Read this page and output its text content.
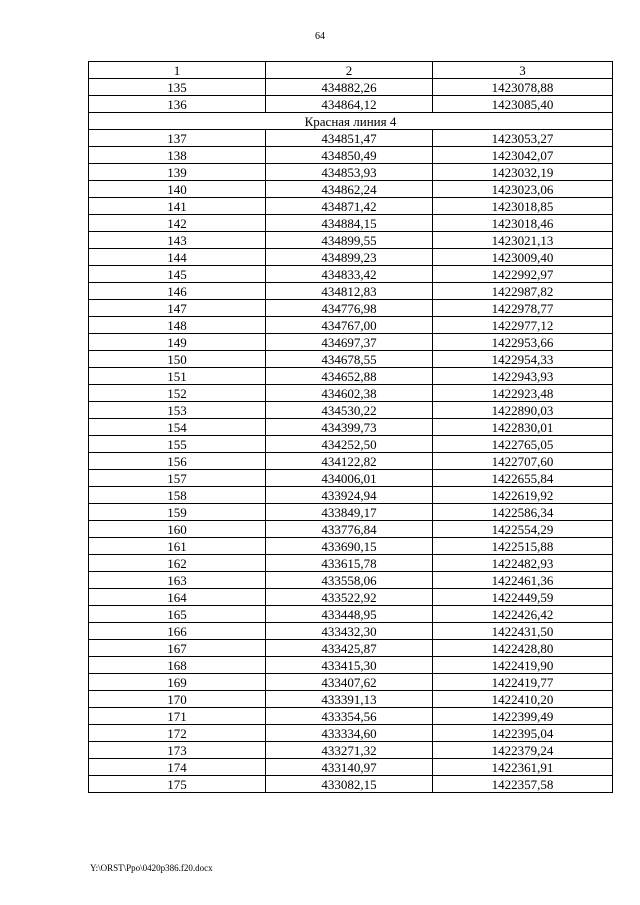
64
1	2	3
135	434882,26	1423078,88
136	434864,12	1423085,40
Красная линия 4		
137	434851,47	1423053,27
138	434850,49	1423042,07
139	434853,93	1423032,19
140	434862,24	1423023,06
141	434871,42	1423018,85
142	434884,15	1423018,46
143	434899,55	1423021,13
144	434899,23	1423009,40
145	434833,42	1422992,97
146	434812,83	1422987,82
147	434776,98	1422978,77
148	434767,00	1422977,12
149	434697,37	1422953,66
150	434678,55	1422954,33
151	434652,88	1422943,93
152	434602,38	1422923,48
153	434530,22	1422890,03
154	434399,73	1422830,01
155	434252,50	1422765,05
156	434122,82	1422707,60
157	434006,01	1422655,84
158	433924,94	1422619,92
159	433849,17	1422586,34
160	433776,84	1422554,29
161	433690,15	1422515,88
162	433615,78	1422482,93
163	433558,06	1422461,36
164	433522,92	1422449,59
165	433448,95	1422426,42
166	433432,30	1422431,50
167	433425,87	1422428,80
168	433415,30	1422419,90
169	433407,62	1422419,77
170	433391,13	1422410,20
171	433354,56	1422399,49
172	433334,60	1422395,04
173	433271,32	1422379,24
174	433140,97	1422361,91
175	433082,15	1422357,58
Y:\ORST\Ppo\0420p386.f20.docx
